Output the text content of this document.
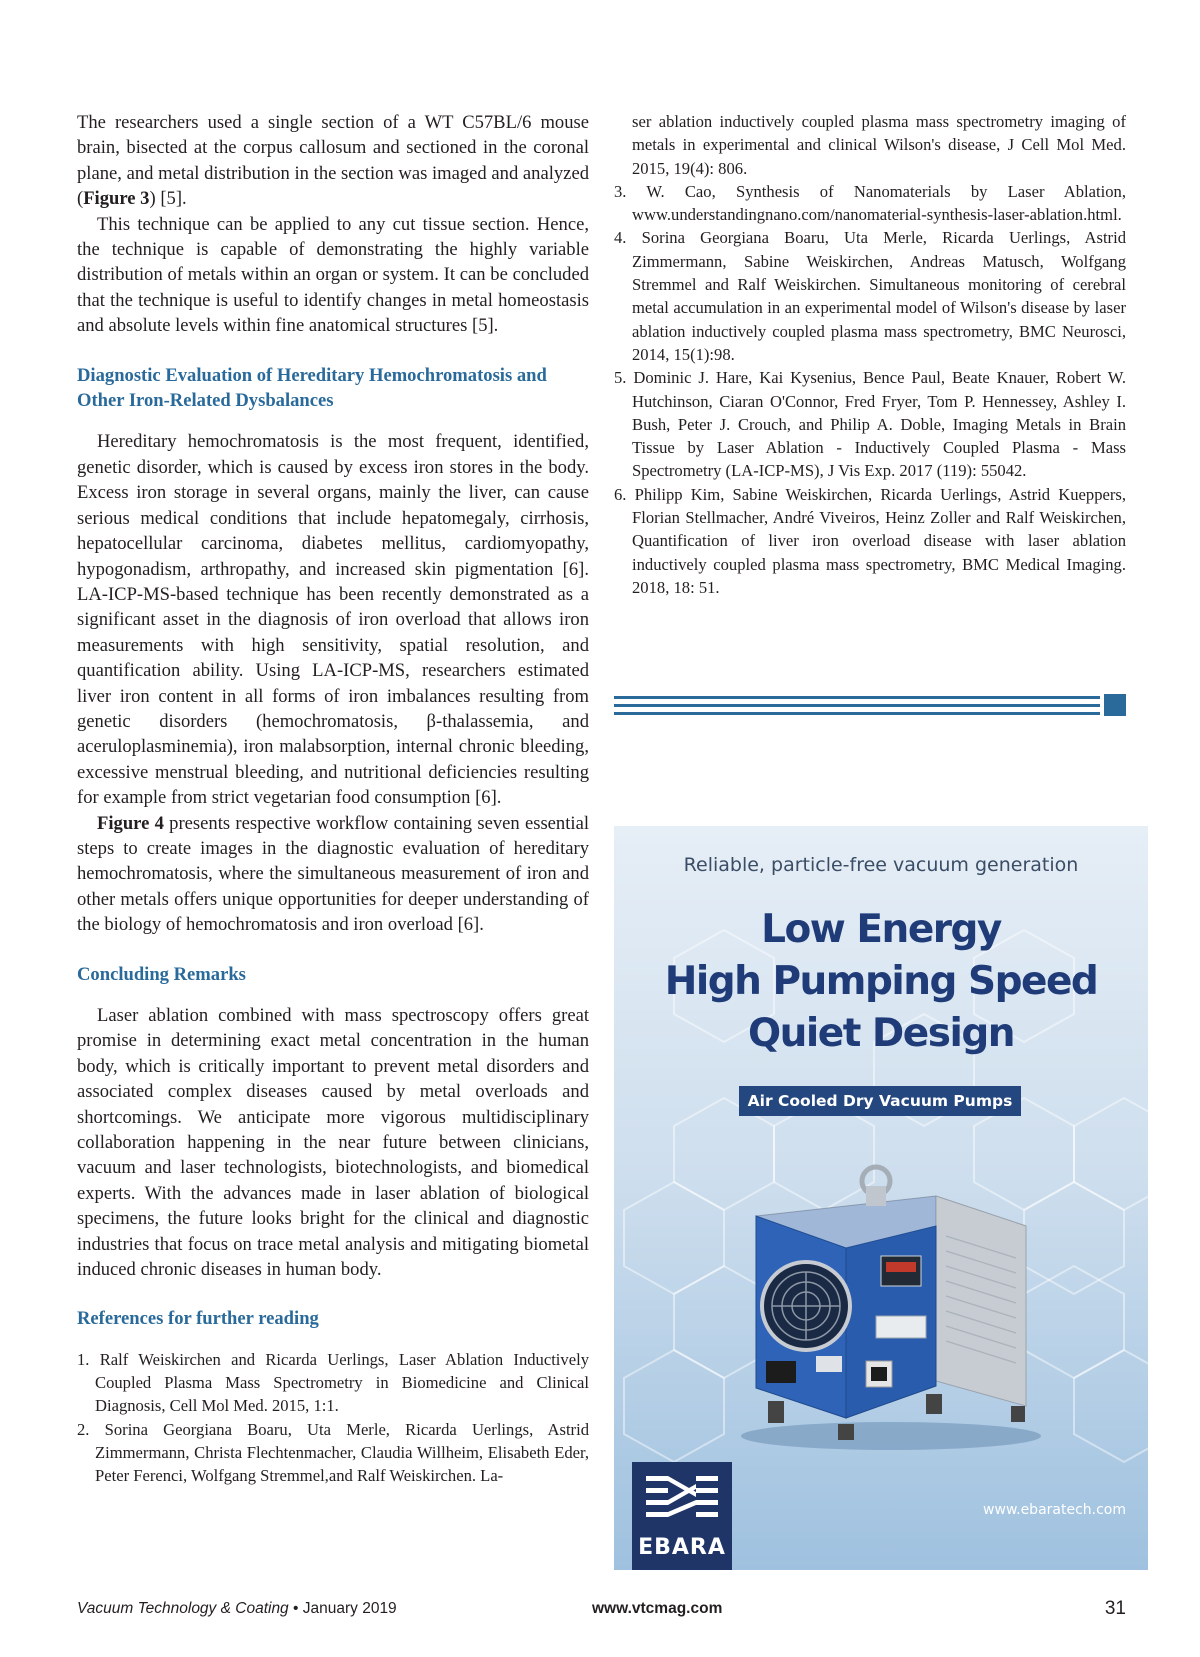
The researchers used a single section of a WT C57BL/6 mouse brain, bisected at the corpus callosum and sectioned in the coronal plane, and metal distribution in the section was imaged and analyzed (Figure 3) [5].

This technique can be applied to any cut tissue section. Hence, the technique is capable of demonstrating the highly variable distribution of metals within an organ or system. It can be concluded that the technique is useful to identify changes in metal homeostasis and absolute levels within fine anatomical structures [5].

Diagnostic Evaluation of Hereditary Hemochromatosis and Other Iron-Related Dysbalances

Hereditary hemochromatosis is the most frequent, identified, genetic disorder, which is caused by excess iron stores in the body. Excess iron storage in several organs, mainly the liver, can cause serious medical conditions that include hepatomegaly, cirrhosis, hepatocellular carcinoma, diabetes mellitus, cardiomyopathy, hypogonadism, arthropathy, and increased skin pigmentation [6]. LA-ICP-MS-based technique has been recently demonstrated as a significant asset in the diagnosis of iron overload that allows iron measurements with high sensitivity, spatial resolution, and quantification ability. Using LA-ICP-MS, researchers estimated liver iron content in all forms of iron imbalances resulting from genetic disorders (hemochromatosis, β-thalassemia, and aceruloplasminemia), iron malabsorption, internal chronic bleeding, excessive menstrual bleeding, and nutritional deficiencies resulting for example from strict vegetarian food consumption [6].

Figure 4 presents respective workflow containing seven essential steps to create images in the diagnostic evaluation of hereditary hemochromatosis, where the simultaneous measurement of iron and other metals offers unique opportunities for deeper understanding of the biology of hemochromatosis and iron overload [6].

Concluding Remarks

Laser ablation combined with mass spectroscopy offers great promise in determining exact metal concentration in the human body, which is critically important to prevent metal disorders and associated complex diseases caused by metal overloads and shortcomings. We anticipate more vigorous multidisciplinary collaboration happening in the near future between clinicians, vacuum and laser technologists, biotechnologists, and biomedical experts. With the advances made in laser ablation of biological specimens, the future looks bright for the clinical and diagnostic industries that focus on trace metal analysis and mitigating biometal induced chronic diseases in human body.

References for further reading
1. Ralf Weiskirchen and Ricarda Uerlings, Laser Ablation Inductively Coupled Plasma Mass Spectrometry in Biomedicine and Clinical Diagnosis, Cell Mol Med. 2015, 1:1.
2. Sorina Georgiana Boaru, Uta Merle, Ricarda Uerlings, Astrid Zimmermann, Christa Flechtenmacher, Claudia Willheim, Elisabeth Eder, Peter Ferenci, Wolfgang Stremmel,and Ralf Weiskirchen. La-
ser ablation inductively coupled plasma mass spectrometry imaging of metals in experimental and clinical Wilson's disease, J Cell Mol Med. 2015, 19(4): 806.
3. W. Cao, Synthesis of Nanomaterials by Laser Ablation, www.understandingnano.com/nanomaterial-synthesis-laser-ablation.html.
4. Sorina Georgiana Boaru, Uta Merle, Ricarda Uerlings, Astrid Zimmermann, Sabine Weiskirchen, Andreas Matusch, Wolfgang Stremmel and Ralf Weiskirchen. Simultaneous monitoring of cerebral metal accumulation in an experimental model of Wilson's disease by laser ablation inductively coupled plasma mass spectrometry, BMC Neurosci, 2014, 15(1):98.
5. Dominic J. Hare, Kai Kysenius, Bence Paul, Beate Knauer, Robert W. Hutchinson, Ciaran O'Connor, Fred Fryer, Tom P. Hennessey, Ashley I. Bush, Peter J. Crouch, and Philip A. Doble, Imaging Metals in Brain Tissue by Laser Ablation - Inductively Coupled Plasma - Mass Spectrometry (LA-ICP-MS), J Vis Exp. 2017 (119): 55042.
6. Philipp Kim, Sabine Weiskirchen, Ricarda Uerlings, Astrid Kueppers, Florian Stellmacher, André Viveiros, Heinz Zoller and Ralf Weiskirchen, Quantification of liver iron overload disease with laser ablation inductively coupled plasma mass spectrometry, BMC Medical Imaging. 2018, 18: 51.
Reliable, particle-free vacuum generation
Low Energy
High Pumping Speed
Quiet Design
Air Cooled Dry Vacuum Pumps
EBARA
www.ebaratech.com
Vacuum Technology & Coating • January 2019	www.vtcmag.com	31
